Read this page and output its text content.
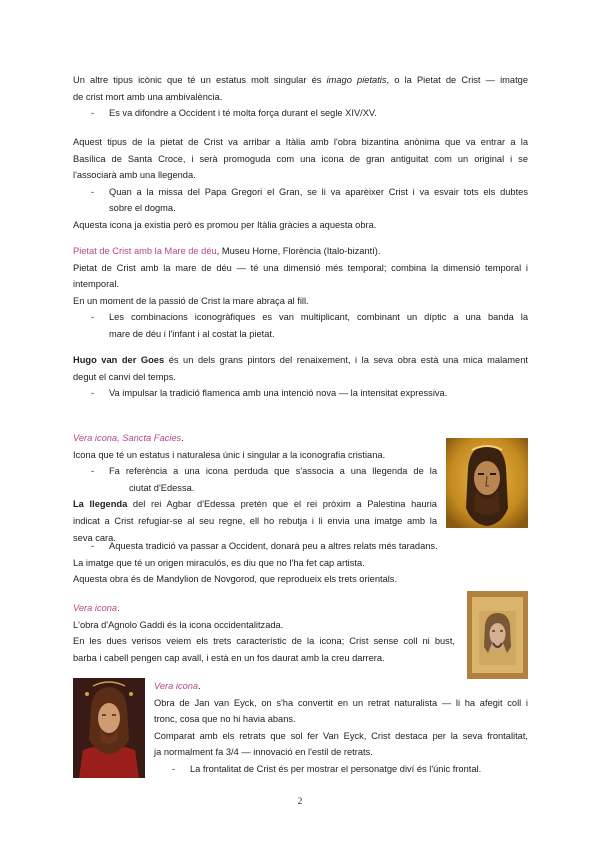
Un altre tipus icònic que té un estatus molt singular és imago pietatis, o la Pietat de Crist — imatge
de crist mort amb una ambivalència.
- Es va difondre a Occident i té molta força durant el segle XIV/XV.
Aquest tipus de la pietat de Crist va arribar a Itàlia amb l'obra bizantina anònima que va entrar a la
Basílica de Santa Croce, i serà promoguda com una icona de gran antiguitat com un original i se
l'associarà amb una llegenda.
- Quan a la missa del Papa Gregori el Gran, se li va aparèixer Crist i va esvair tots els dubtes
sobre el dogma.
Aquesta icona ja existia però es promou per Itàlia gràcies a aquesta obra.
Pietat de Crist amb la Mare de déu, Museu Horne, Florència (Italo-bizantí).
Pietat de Crist amb la mare de déu — té una dimensió més temporal; combina la dimensió temporal i
intemporal.
En un moment de la passió de Crist la mare abraça al fill.
- Les combinacions iconogràfiques es van multiplicant, combinant un díptic a una banda la
mare de déu i l'infant i al costat la pietat.
Hugo van der Goes és un dels grans pintors del renaixement, i la seva obra està una mica malament
degut el canvi del temps.
- Va impulsar la tradició flamenca amb una intenció nova — la intensitat expressiva.
Vera icona, Sancta Facies.
Icona que té un estatus i naturalesa únic i singular a la iconografia cristiana.
- Fa referència a una icona perduda que s'associa a una llegenda de la
ciutat d'Edessa.
La llegenda del rei Agbar d'Edessa pretén que el rei pròxim a Palestina hauria
indicat a Crist refugiar-se al seu regne, ell ho rebutja i li envia una imatge amb la
seva cara.
- Aquesta tradició va passar a Occident, donarà peu a altres relats més taradans.
La imatge que té un origen miraculós, es diu que no l'ha fet cap artista.
Aquesta obra és de Mandylion de Novgorod, que reprodueix els trets orientals.
Vera icona.
L'obra d'Agnolo Gaddi és la icona occidentalitzada.
En les dues verisos veiem els trets característic de la icona; Crist sense coll ni bust,
barba i cabell pengen cap avall, i està en un fos daurat amb la creu darrera.
Vera icona.
Obra de Jan van Eyck, on s'ha convertit en un retrat naturalista — li ha afegit coll i
tronc, cosa que no hi havia abans.
Comparat amb els retrats que sol fer Van Eyck, Crist destaca per la seva frontalitat,
ja normalment fa 3/4 — innovació en l'estil de retrats.
- La frontalitat de Crist és per mostrar el personatge diví és l'únic frontal.
2
